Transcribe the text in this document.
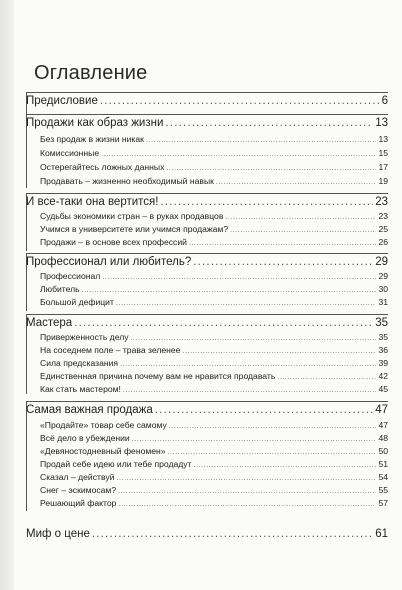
Оглавление
Предисловие .....	6
Продажи как образ жизни .....	13
Без продаж в жизни никак .....	13
Комиссионные .....	15
Остерегайтесь ложных данных .....	17
Продавать – жизненно необходимый навык .....	19
И все-таки она вертится! .....	23
Судьбы экономики стран – в руках продавцов .....	23
Учимся в университете или учимся продажам? .....	25
Продажи – в основе всех профессий .....	26
Профессионал или любитель? .....	29
Профессионал .....	29
Любитель .....	30
Большой дефицит .....	31
Мастера .....	35
Приверженность делу .....	35
На соседнем поле – трава зеленее .....	36
Сила предсказания .....	39
Единственная причина почему вам не нравится продавать .....	42
Как стать мастером! .....	45
Самая важная продажа .....	47
«Продайте» товар себе самому .....	47
Всё дело в убеждении .....	48
«Девяностодневный феномен» .....	50
Продай себе идею или тебе продадут .....	51
Сказал – действуй .....	54
Снег – эскимосам? .....	55
Решающий фактор .....	57
Миф о цене .....	61
